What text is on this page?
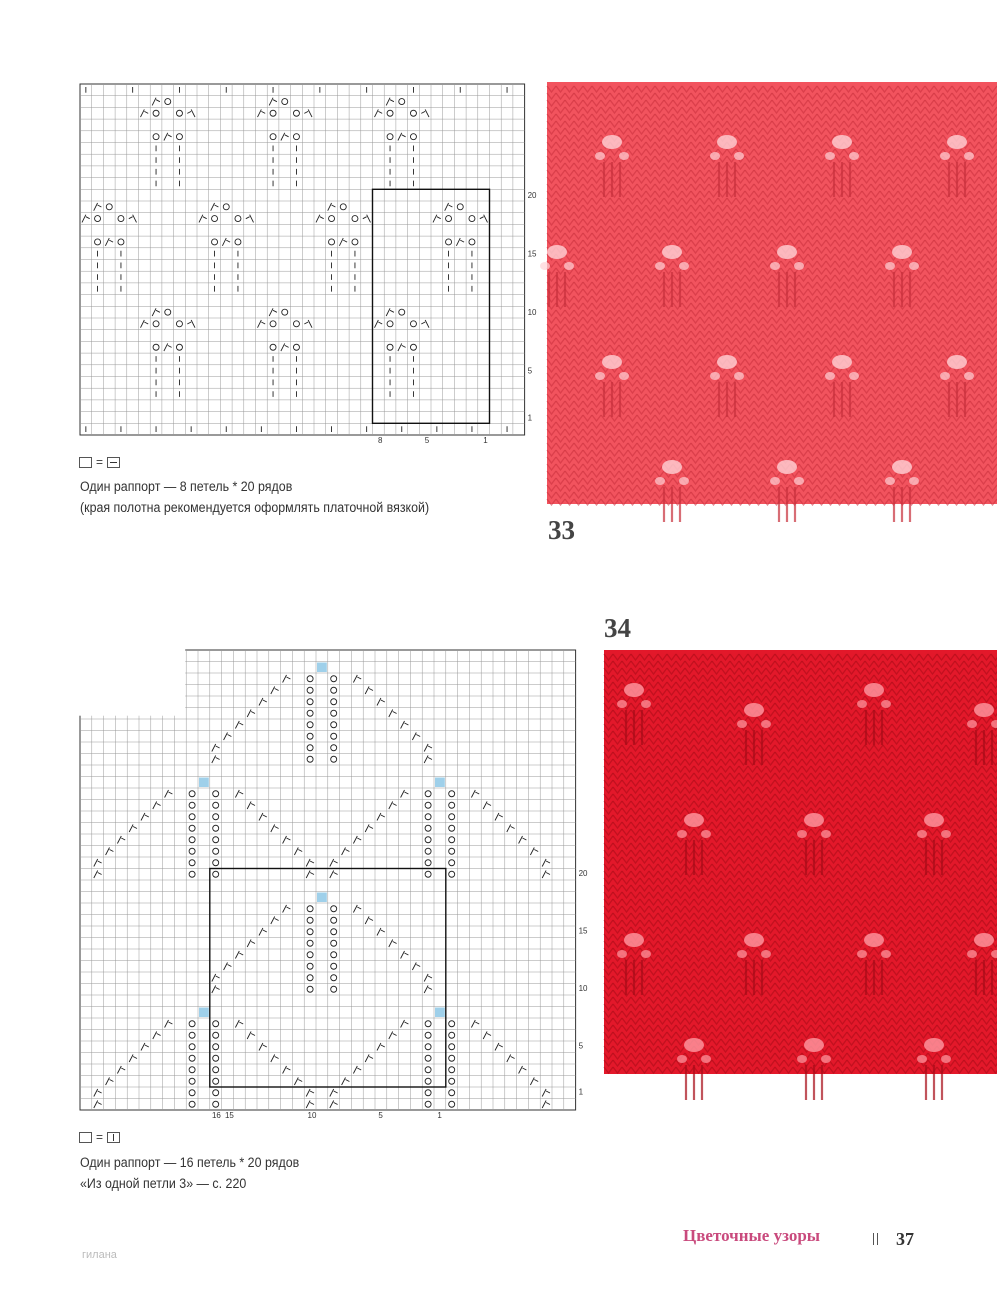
20
15
10
5
1
8	5	1
=
Один раппорт — 8 петель * 20 рядов
(края полотна рекомендуется оформлять платочной вязкой)
33
34
20
15
10
5
1
16 15	10	5	1
=
Один раппорт — 16 петель * 20 рядов
«Из одной петли 3» — с. 220
гилана
Цветочные узоры	37
